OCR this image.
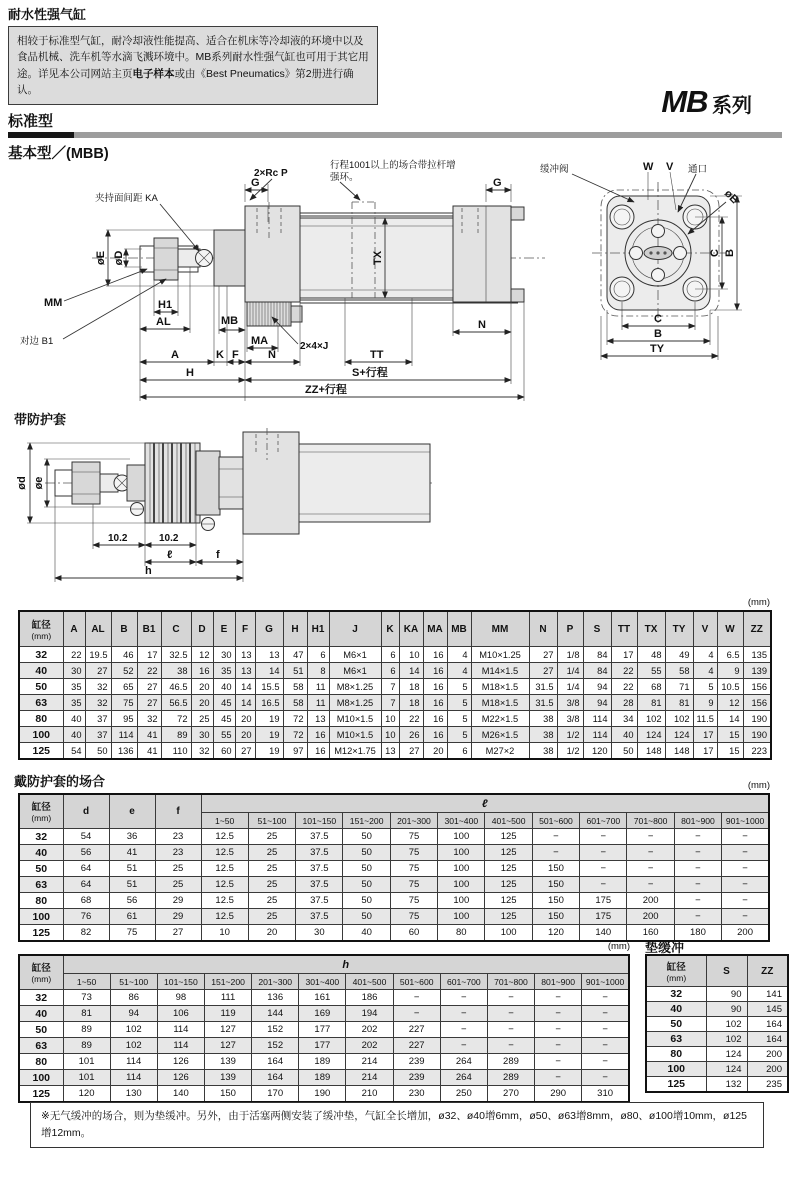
耐水性强气缸
相较于标准型气缸，耐冷却液性能提高、适合在机床等冷却液的环境中以及食品机械、洗车机等水滴飞溅环境中。MB系列耐水性强气缸也可用于其它用途。详见本公司网站主页电子样本或由《Best Pneumatics》第2册进行确认。	MB 系列
标准型
基本型／(MBB)
行程1001以上的场合带拉杆增
强环。
2×Rc P
夹持面间距 KA
G	G
øE øD
MM
对边 B1
H1
AL	MB
MA	2×4×J
A	K F	N	TT
TX
N
H	S+行程
ZZ+行程
缓冲阀	W V 通口
øE
C B
C
B
TY
ød øe
10.2	10.2
ℓ	f
h
带防护套
(mm)
缸径
(mm)	A	AL	B	B1	C	D	E	F	G	H	H1	J	K	KA	MA	MB	MM	N	P	S	TT	TX	TY	V	W	ZZ
32	22	19.5	46	17	32.5	12	30	13	13	47	6	M6×1	6	10	16	4	M10×1.25	27	1/8	84	17	48	49	4	6.5	135
40	30	27	52	22	38	16	35	13	14	51	8	M6×1	6	14	16	4	M14×1.5	27	1/4	84	22	55	58	4	9	139
50	35	32	65	27	46.5	20	40	14	15.5	58	11	M8×1.25	7	18	16	5	M18×1.5	31.5	1/4	94	22	68	71	5	10.5	156
63	35	32	75	27	56.5	20	45	14	16.5	58	11	M8×1.25	7	18	16	5	M18×1.5	31.5	3/8	94	28	81	81	9	12	156
80	40	37	95	32	72	25	45	20	19	72	13	M10×1.5	10	22	16	5	M22×1.5	38	3/8	114	34	102	102	11.5	14	190
100	40	37	114	41	89	30	55	20	19	72	16	M10×1.5	10	26	16	5	M26×1.5	38	1/2	114	40	124	124	17	15	190
125	54	50	136	41	110	32	60	27	19	97	16	M12×1.75	13	27	20	6	M27×2	38	1/2	120	50	148	148	17	15	223
戴防护套的场合	(mm)
缸径
(mm)	d	e	f	ℓ											
				1~50	51~100	101~150	151~200	201~300	301~400	401~500	501~600	601~700	701~800	801~900	901~1000
32	54	36	23	12.5	25	37.5	50	75	100	125	−	−	−	−	−
40	56	41	23	12.5	25	37.5	50	75	100	125	−	−	−	−	−
50	64	51	25	12.5	25	37.5	50	75	100	125	150	−	−	−	−
63	64	51	25	12.5	25	37.5	50	75	100	125	150	−	−	−	−
80	68	56	29	12.5	25	37.5	50	75	100	125	150	175	200	−	−
100	76	61	29	12.5	25	37.5	50	75	100	125	150	175	200	−	−
125	82	75	27	10	20	30	40	60	80	100	120	140	160	180	200
(mm) 垫缓冲
缸径
(mm)	h											
	1~50	51~100	101~150	151~200	201~300	301~400	401~500	501~600	601~700	701~800	801~900	901~1000
32	73	86	98	111	136	161	186	−	−	−	−	−
40	81	94	106	119	144	169	194	−	−	−	−	−
50	89	102	114	127	152	177	202	227	−	−	−	−
63	89	102	114	127	152	177	202	227	−	−	−	−
80	101	114	126	139	164	189	214	239	264	289	−	−
100	101	114	126	139	164	189	214	239	264	289	−	−
125	120	130	140	150	170	190	210	230	250	270	290	310
缸径
(mm)	S	ZZ
32	90	141
40	90	145
50	102	164
63	102	164
80	124	200
100	124	200
125	132	235
※无气缓冲的场合，则为垫缓冲。另外，由于活塞两侧安装了缓冲垫，气缸全长增加，ø32、ø40增6mm，ø50、ø63增8mm，ø80、ø100增10mm，ø125增12mm。
